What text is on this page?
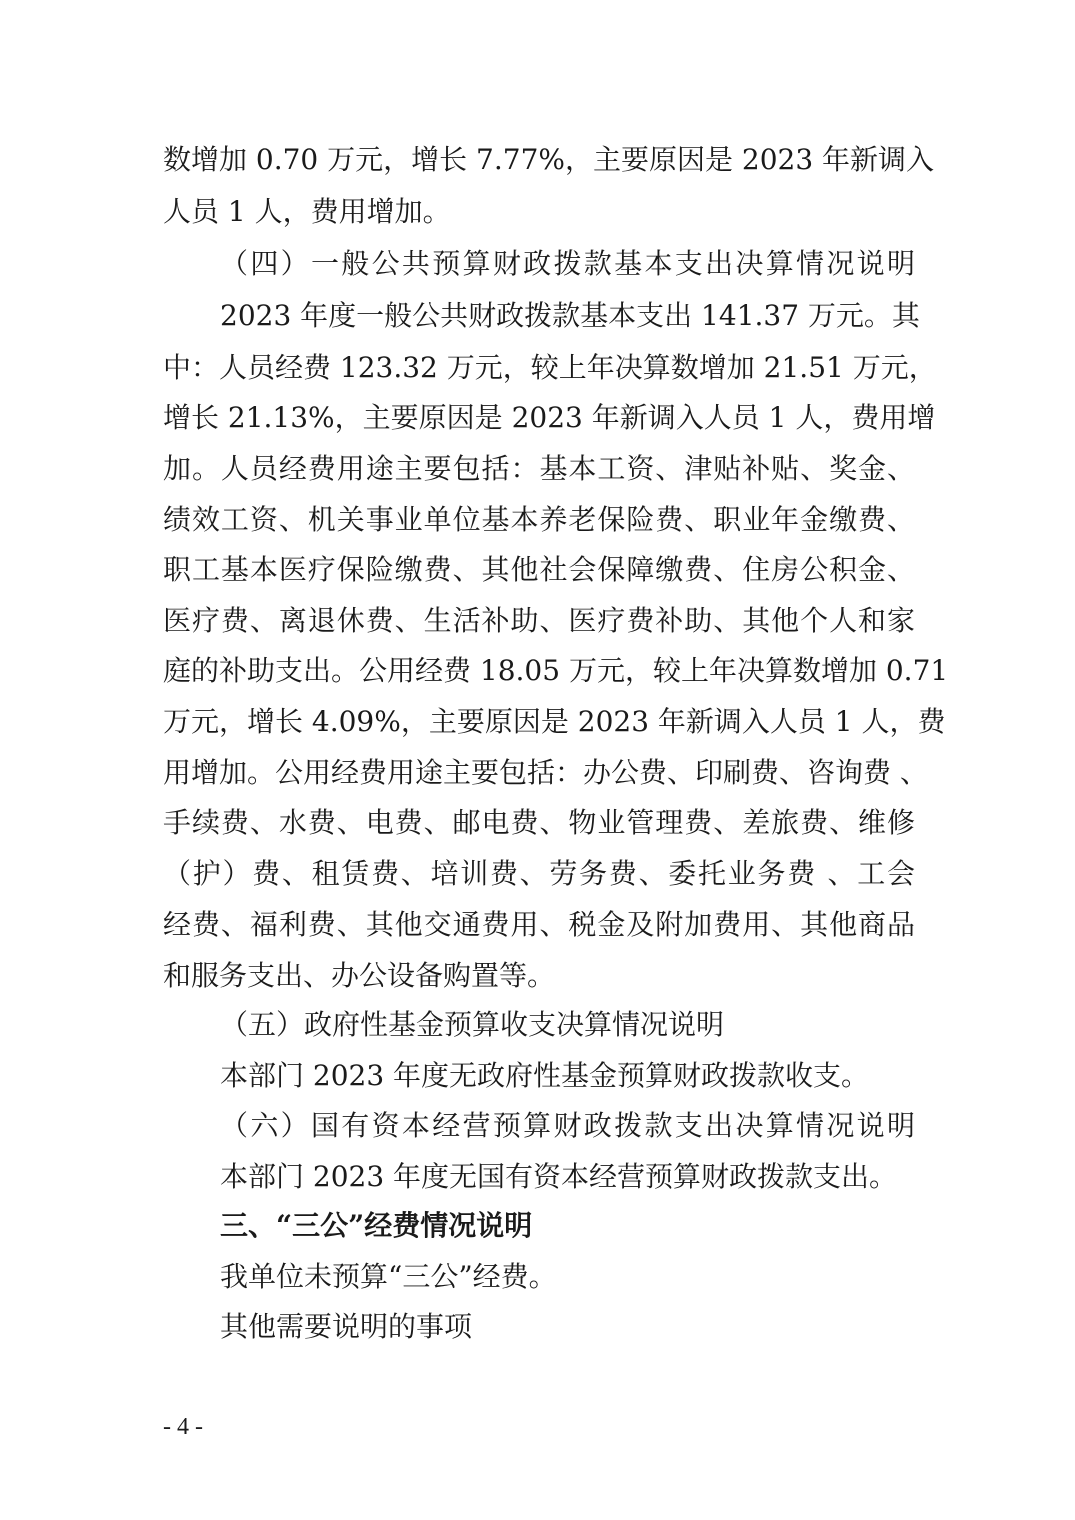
数增加 0.70 万元，增长 7.77%，主要原因是 2023 年新调入
人员 1 人，费用增加。
（四）一般公共预算财政拨款基本支出决算情况说明
2023 年度一般公共财政拨款基本支出 141.37 万元。其
中：人员经费 123.32 万元，较上年决算数增加 21.51 万元，
增长 21.13%，主要原因是 2023 年新调入人员 1 人，费用增
加。人员经费用途主要包括：基本工资、津贴补贴、奖金、
绩效工资、机关事业单位基本养老保险费、职业年金缴费、
职工基本医疗保险缴费、其他社会保障缴费、住房公积金、
医疗费、离退休费、生活补助、医疗费补助、其他个人和家
庭的补助支出。公用经费 18.05 万元，较上年决算数增加 0.71
万元，增长 4.09%，主要原因是 2023 年新调入人员 1 人，费
用增加。公用经费用途主要包括：办公费、印刷费、咨询费 、
手续费、水费、电费、邮电费、物业管理费、差旅费、维修
（护）费、租赁费、培训费、劳务费、委托业务费 、工会
经费、福利费、其他交通费用、税金及附加费用、其他商品
和服务支出、办公设备购置等。
（五）政府性基金预算收支决算情况说明
本部门 2023 年度无政府性基金预算财政拨款收支。
（六）国有资本经营预算财政拨款支出决算情况说明
本部门 2023 年度无国有资本经营预算财政拨款支出。
三、“三公”经费情况说明
我单位未预算“三公”经费。
其他需要说明的事项
- 4 -
